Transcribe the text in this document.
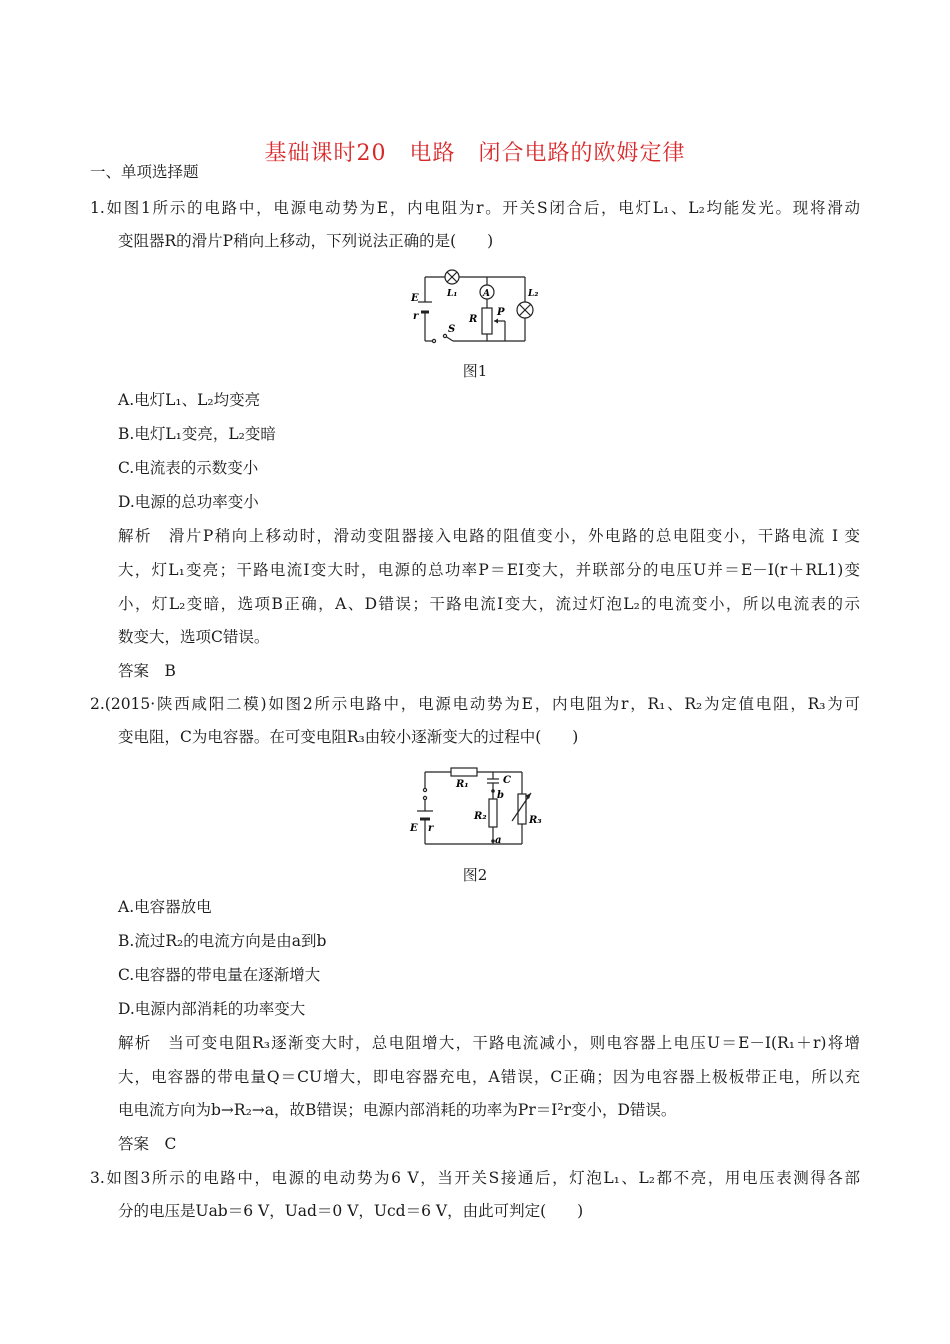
基础课时20　电路　闭合电路的欧姆定律
一、单项选择题
1.如图1所示的电路中，电源电动势为E，内电阻为r。开关S闭合后，电灯L₁、L₂均能发光。现将滑动
变阻器R的滑片P稍向上移动，下列说法正确的是(　　)
E
r
L₁	A	L₂
R
P
S
图1
A.电灯L₁、L₂均变亮
B.电灯L₁变亮，L₂变暗
C.电流表的示数变小
D.电源的总功率变小
解析　滑片P稍向上移动时，滑动变阻器接入电路的阻值变小，外电路的总电阻变小，干路电流 I 变
大，灯L₁变亮；干路电流I变大时，电源的总功率P＝EI变大，并联部分的电压U并＝E－I(r＋RL1)变
小，灯L₂变暗，选项B正确，A、D错误；干路电流I变大，流过灯泡L₂的电流变小，所以电流表的示
数变大，选项C错误。
答案　B
2.(2015·陕西咸阳二模)如图2所示电路中，电源电动势为E，内电阻为r，R₁、R₂为定值电阻，R₃为可
变电阻，C为电容器。在可变电阻R₃由较小逐渐变大的过程中(　　)
R₁	C
b
R₂	R₃
a
E r
图2
A.电容器放电
B.流过R₂的电流方向是由a到b
C.电容器的带电量在逐渐增大
D.电源内部消耗的功率变大
解析　当可变电阻R₃逐渐变大时，总电阻增大，干路电流减小，则电容器上电压U＝E－I(R₁＋r)将增
大，电容器的带电量Q＝CU增大，即电容器充电，A错误，C正确；因为电容器上极板带正电，所以充
电电流方向为b→R₂→a，故B错误；电源内部消耗的功率为Pr＝I²r变小，D错误。
答案　C
3.如图3所示的电路中，电源的电动势为6 V，当开关S接通后，灯泡L₁、L₂都不亮，用电压表测得各部
分的电压是Uab＝6 V，Uad＝0 V，Ucd＝6 V，由此可判定(　　)
